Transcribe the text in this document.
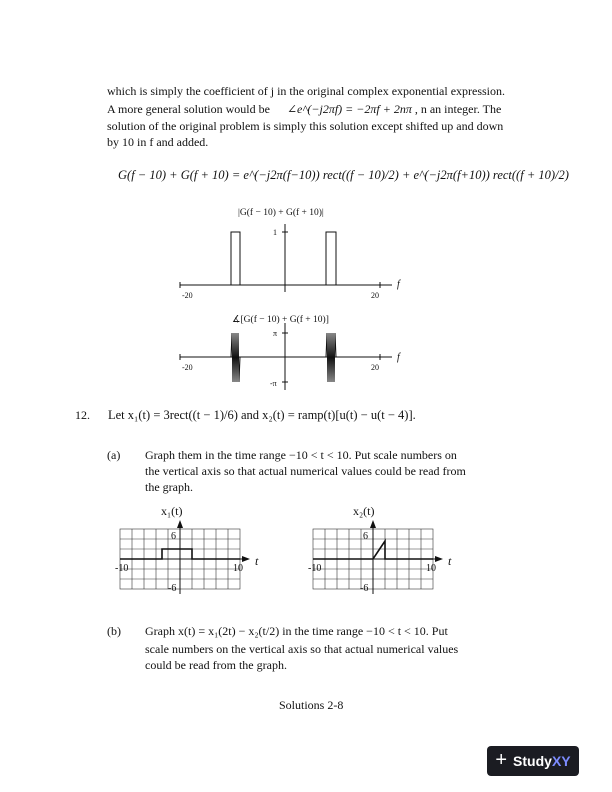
which is simply the coefficient of j in the original complex exponential expression.
A more general solution would be ∠e^(−j2πf) = −2πf + 2nπ , n an integer. The
solution of the original problem is simply this solution except shifted up and down
by 10 in f and added.
G(f − 10) + G(f + 10) = e^(−j2π(f−10)) rect((f − 10)/2) + e^(−j2π(f+10)) rect((f + 10)/2)
|G(f − 10) + G(f + 10)|
1
-20	20
f
∡[G(f − 10) + G(f + 10)]
π
-π
-20	20
f
12. Let x₁(t) = 3rect((t − 1)/6) and x₂(t) = ramp(t)[u(t) − u(t − 4)].
(a) Graph them in the time range −10 < t < 10. Put scale numbers on
the vertical axis so that actual numerical values could be read from
the graph.
x₁(t)
6
-6
-10	10
t
x₂(t)
6
-6
-10	10
t
(b) Graph x(t) = x₁(2t) − x₂(t/2) in the time range −10 < t < 10. Put
scale numbers on the vertical axis so that actual numerical values
could be read from the graph.
Solutions 2-8
+ StudyXY
